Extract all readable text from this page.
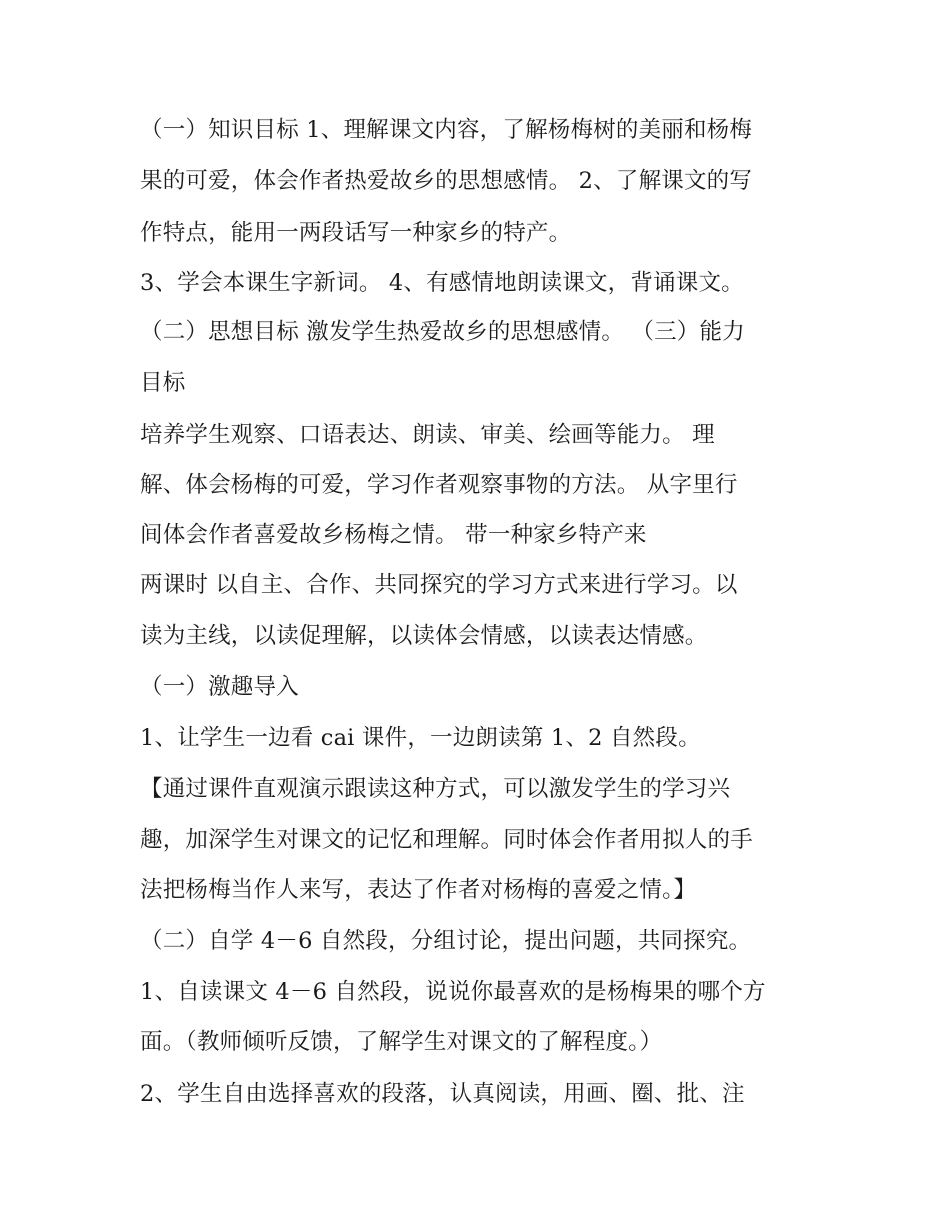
（一）知识目标 1、理解课文内容，了解杨梅树的美丽和杨梅
果的可爱，体会作者热爱故乡的思想感情。 2、了解课文的写
作特点，能用一两段话写一种家乡的特产。
3、学会本课生字新词。 4、有感情地朗读课文，背诵课文。
（二）思想目标 激发学生热爱故乡的思想感情。 （三）能力
目标
培养学生观察、口语表达、朗读、审美、绘画等能力。 理
解、体会杨梅的可爱，学习作者观察事物的方法。 从字里行
间体会作者喜爱故乡杨梅之情。 带一种家乡特产来
两课时 以自主、合作、共同探究的学习方式来进行学习。以
读为主线，以读促理解，以读体会情感，以读表达情感。
（一）激趣导入
1、让学生一边看 cai 课件，一边朗读第 1、2 自然段。
【通过课件直观演示跟读这种方式，可以激发学生的学习兴
趣，加深学生对课文的记忆和理解。同时体会作者用拟人的手
法把杨梅当作人来写，表达了作者对杨梅的喜爱之情。】
（二）自学 4－6 自然段，分组讨论，提出问题，共同探究。
1、自读课文 4－6 自然段，说说你最喜欢的是杨梅果的哪个方
面。（教师倾听反馈，了解学生对课文的了解程度。）
2、学生自由选择喜欢的段落，认真阅读，用画、圈、批、注
